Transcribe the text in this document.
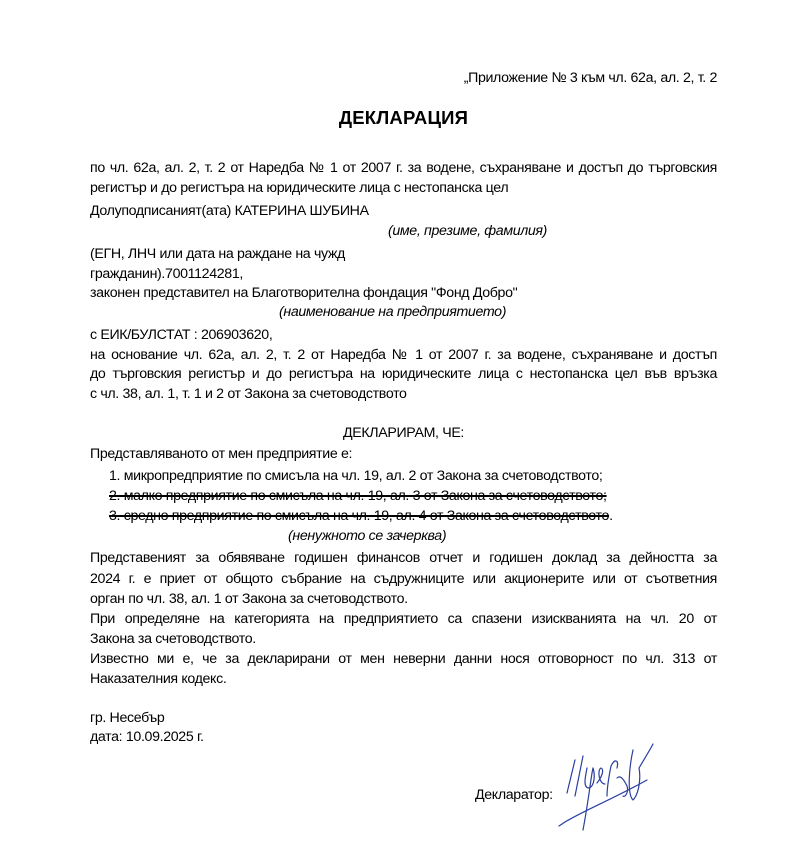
„Приложение № 3 към чл. 62а, ал. 2, т. 2
ДЕКЛАРАЦИЯ
по чл. 62а, ал. 2, т. 2 от Наредба № 1 от 2007 г. за водене, съхраняване и достъп до търговския
регистър и до регистъра на юридическите лица с нестопанска цел
Долуподписаният(ата) КАТЕРИНА ШУБИНА
(име, презиме, фамилия)
(ЕГН, ЛНЧ или дата на раждане на чужд
гражданин).7001124281,
законен представител на Благотворителна фондация "Фонд Добро"
(наименование на предприятието)
с ЕИК/БУЛСТАТ : 206903620,
на основание чл. 62а, ал. 2, т. 2 от Наредба № 1 от 2007 г. за водене, съхраняване и достъп
до търговския регистър и до регистъра на юридическите лица с нестопанска цел във връзка
с чл. 38, ал. 1, т. 1 и 2 от Закона за счетоводството
ДЕКЛАРИРАМ, ЧЕ:
Представляваното от мен предприятие е:
1. микропредприятие по смисъла на чл. 19, ал. 2 от Закона за счетоводството;
2. малко предприятие по смисъла на чл. 19, ал. 3 от Закона за счетоводството;
3. средно предприятие по смисъла на чл. 19, ал. 4 от Закона за счетоводството.
(ненужното се зачерква)
Представеният за обявяване годишен финансов отчет и годишен доклад за дейността за
2024 г. е приет от общото събрание на съдружниците или акционерите или от съответния
орган по чл. 38, ал. 1 от Закона за счетоводството.
При определяне на категорията на предприятието са спазени изискванията на чл. 20 от
Закона за счетоводството.
Известно ми е, че за декларирани от мен неверни данни нося отговорност по чл. 313 от
Наказателния кодекс.
гр. Несебър
дата: 10.09.2025 г.
Декларатор:
